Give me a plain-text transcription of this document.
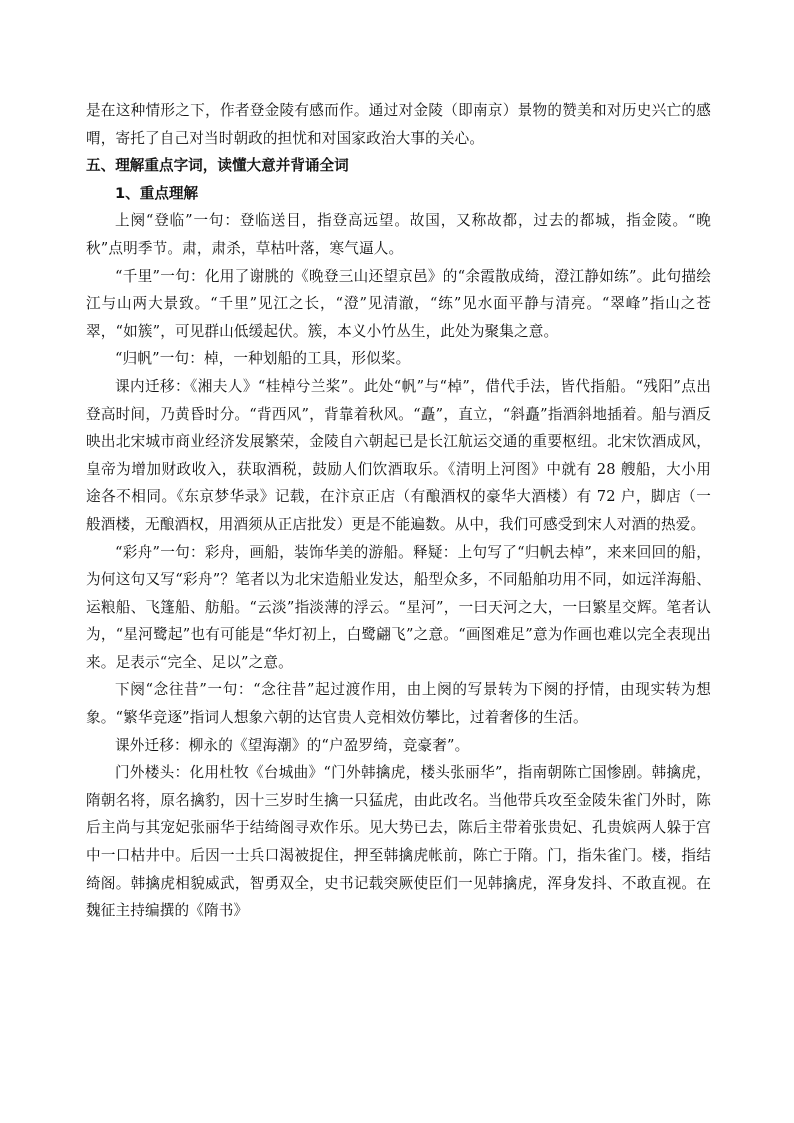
是在这种情形之下，作者登金陵有感而作。通过对金陵（即南京）景物的赞美和对历史兴亡的感喟，寄托了自己对当时朝政的担忧和对国家政治大事的关心。

五、理解重点字词，读懂大意并背诵全词
1、重点理解

上阕“登临”一句：登临送目，指登高远望。故国，又称故都，过去的都城，指金陵。“晚秋”点明季节。肃，肃杀，草枯叶落，寒气逼人。

“千里”一句：化用了谢朓的《晚登三山还望京邑》的“余霞散成绮，澄江静如练”。此句描绘江与山两大景致。“千里”见江之长，“澄”见清澈，“练”见水面平静与清亮。“翠峰”指山之苍翠，“如簇”，可见群山低缓起伏。簇，本义小竹丛生，此处为聚集之意。

“归帆”一句：棹，一种划船的工具，形似桨。

课内迁移：《湘夫人》“桂棹兮兰桨”。此处“帆”与“棹”，借代手法，皆代指船。“残阳”点出登高时间，乃黄昏时分。“背西风”，背靠着秋风。“矗”，直立，“斜矗”指酒斜地插着。船与酒反映出北宋城市商业经济发展繁荣，金陵自六朝起已是长江航运交通的重要枢纽。北宋饮酒成风，皇帝为增加财政收入，获取酒税，鼓励人们饮酒取乐。《清明上河图》中就有 28 艘船，大小用途各不相同。《东京梦华录》记载，在汴京正店（有酿酒权的豪华大酒楼）有 72 户，脚店（一般酒楼，无酿酒权，用酒须从正店批发）更是不能遍数。从中，我们可感受到宋人对酒的热爱。

“彩舟”一句：彩舟，画船，装饰华美的游船。释疑：上句写了“归帆去棹”，来来回回的船，为何这句又写“彩舟”？笔者以为北宋造船业发达，船型众多，不同船舶功用不同，如远洋海船、运粮船、飞篷船、舫船。“云淡”指淡薄的浮云。“星河”，一曰天河之大，一曰繁星交辉。笔者认为，“星河鹭起”也有可能是“华灯初上，白鹭翩飞”之意。“画图难足”意为作画也难以完全表现出来。足表示“完全、足以”之意。

下阕“念往昔”一句：“念往昔”起过渡作用，由上阕的写景转为下阕的抒情，由现实转为想象。“繁华竞逐”指词人想象六朝的达官贵人竞相效仿攀比，过着奢侈的生活。

课外迁移：柳永的《望海潮》的“户盈罗绮，竞豪奢”。

门外楼头：化用杜牧《台城曲》“门外韩擒虎，楼头张丽华”，指南朝陈亡国惨剧。韩擒虎，隋朝名将，原名擒豹，因十三岁时生擒一只猛虎，由此改名。当他带兵攻至金陵朱雀门外时，陈后主尚与其宠妃张丽华于结绮阁寻欢作乐。见大势已去，陈后主带着张贵妃、孔贵嫔两人躲于宫中一口枯井中。后因一士兵口渴被捉住，押至韩擒虎帐前，陈亡于隋。门，指朱雀门。楼，指结绮阁。韩擒虎相貌威武，智勇双全，史书记载突厥使臣们一见韩擒虎，浑身发抖、不敢直视。在魏征主持编撰的《隋书》
